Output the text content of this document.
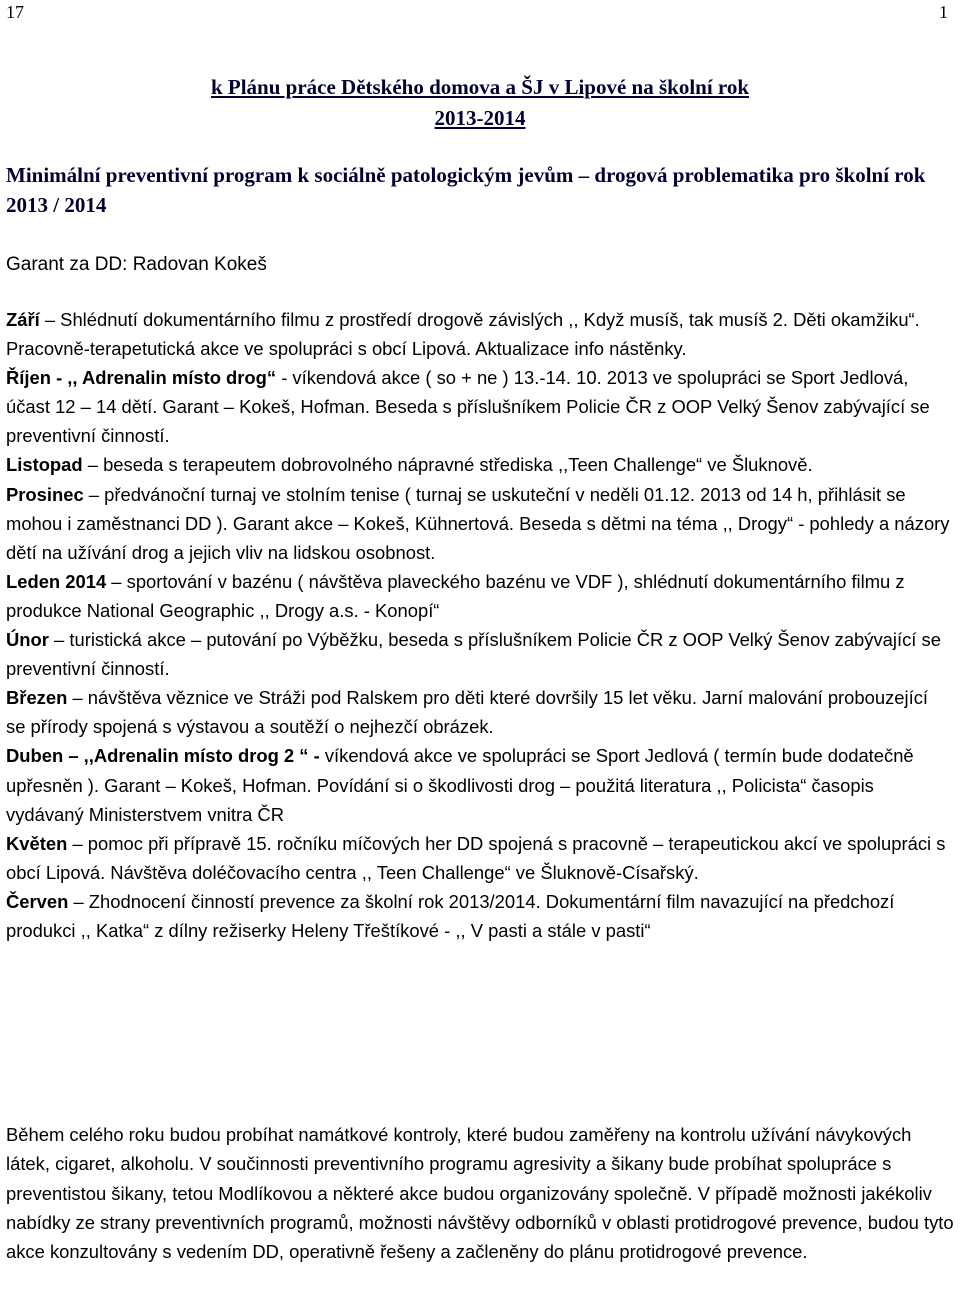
17	1
k Plánu práce Dětského domova a ŠJ v Lipové na školní rok
2013-2014
Minimální preventivní program k sociálně patologickým jevům – drogová problematika pro školní rok 2013 / 2014
Garant za DD: Radovan Kokeš

Září – Shlédnutí dokumentárního filmu z prostředí drogově závislých ,, Když musíš, tak musíš 2. Děti okamžiku“. Pracovně-terapetutická akce ve spolupráci s obcí Lipová. Aktualizace info nástěnky.

Říjen - ,, Adrenalin místo drog“ - víkendová akce ( so + ne ) 13.-14. 10. 2013 ve spolupráci se Sport Jedlová, účast 12 – 14 dětí. Garant – Kokeš, Hofman. Beseda s příslušníkem Policie ČR z OOP Velký Šenov zabývající se preventivní činností.

Listopad – beseda s terapeutem dobrovolného nápravné střediska ,,Teen Challenge“ ve Šluknově.

Prosinec – předvánoční turnaj ve stolním tenise ( turnaj se uskuteční v neděli 01.12. 2013 od 14 h, přihlásit se mohou i zaměstnanci DD ). Garant akce – Kokeš, Kühnertová. Beseda s dětmi na téma ,, Drogy“ - pohledy a názory dětí na užívání drog a jejich vliv na lidskou osobnost.

Leden 2014 – sportování v bazénu ( návštěva plaveckého bazénu ve VDF ), shlédnutí dokumentárního filmu z produkce National Geographic ,, Drogy a.s. - Konopí“

Únor – turistická akce – putování po Výběžku, beseda s příslušníkem Policie ČR z OOP Velký Šenov zabývající se preventivní činností.

Březen – návštěva věznice ve Stráži pod Ralskem pro děti které dovršily 15 let věku. Jarní malování probouzející se přírody spojená s výstavou a soutěží o nejhezčí obrázek.

Duben – ,,Adrenalin místo drog 2 “ - víkendová akce ve spolupráci se Sport Jedlová ( termín bude dodatečně upřesněn ). Garant – Kokeš, Hofman. Povídání si o škodlivosti drog – použitá literatura ,, Policista“ časopis vydávaný Ministerstvem vnitra ČR

Květen – pomoc při přípravě 15. ročníku míčových her DD spojená s pracovně – terapeutickou akcí ve spolupráci s obcí Lipová. Návštěva doléčovacího centra ,, Teen Challenge“ ve Šluknově-Císařský.

Červen – Zhodnocení činností prevence za školní rok 2013/2014. Dokumentární film navazující na předchozí produkci ,, Katka“ z dílny režiserky Heleny Třeštíkové - ,, V pasti a stále v pasti“

Během celého roku budou probíhat namátkové kontroly, které budou zaměřeny na kontrolu užívání návykových látek, cigaret, alkoholu. V součinnosti preventivního programu agresivity a šikany bude probíhat spolupráce s preventistou šikany, tetou Modlíkovou a některé akce budou organizovány společně. V případě možnosti jakékoliv nabídky ze strany preventivních programů, možnosti návštěvy odborníků v oblasti protidrogové prevence, budou tyto akce konzultovány s vedením DD, operativně řešeny a začleněny do plánu protidrogové prevence.
